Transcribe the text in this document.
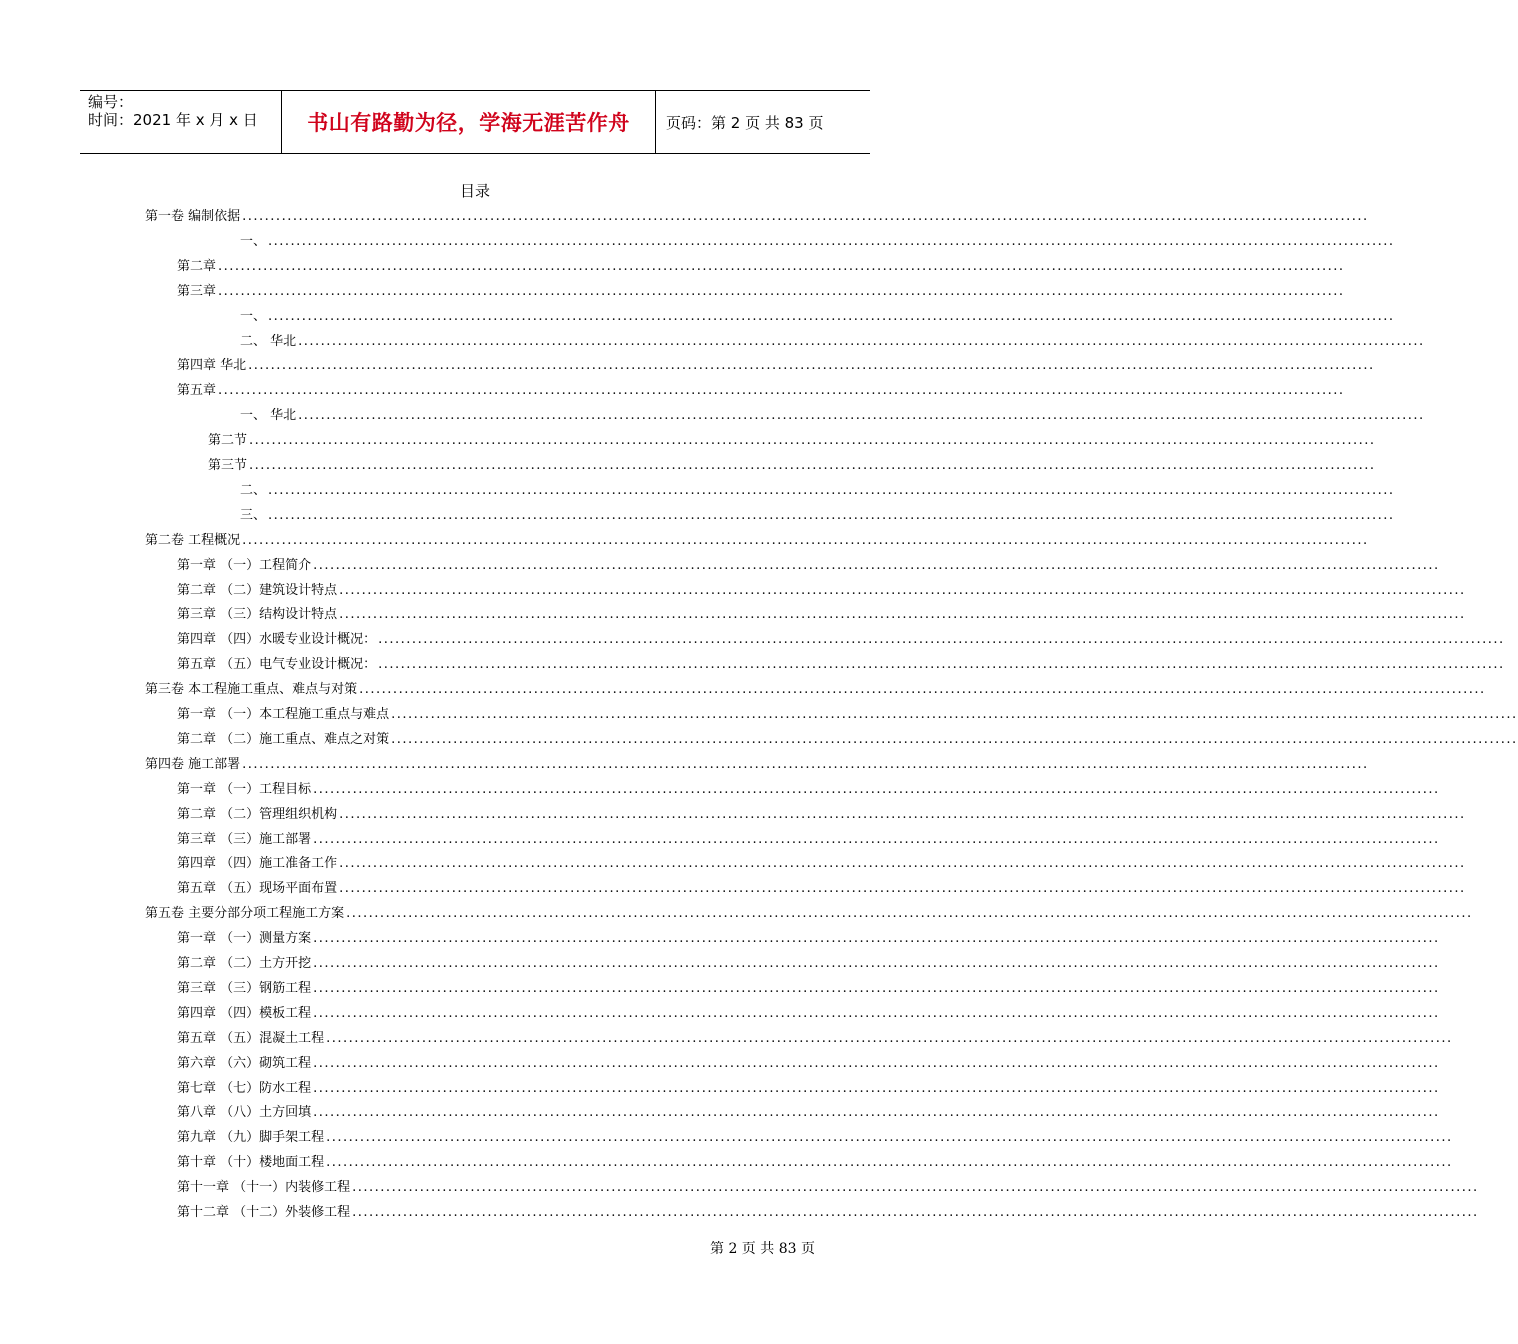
编号：
时间：2021 年 x 月 x 日	书山有路勤为径，学海无涯苦作舟	页码：第 2 页 共 83 页
目录
第一卷 编制依据 ........................................................................................................................................................................................................
一、 ........................................................................................................................................................................................................
第二章 ........................................................................................................................................................................................................
第三章 ........................................................................................................................................................................................................
一、 ........................................................................................................................................................................................................
二、 华北 ........................................................................................................................................................................................................
第四章 华北 ........................................................................................................................................................................................................
第五章 ........................................................................................................................................................................................................
一、 华北 ........................................................................................................................................................................................................
第二节 ........................................................................................................................................................................................................
第三节 ........................................................................................................................................................................................................
二、 ........................................................................................................................................................................................................
三、 ........................................................................................................................................................................................................
第二卷 工程概况 ........................................................................................................................................................................................................
第一章 （一）工程简介 ........................................................................................................................................................................................................
第二章 （二）建筑设计特点 ........................................................................................................................................................................................................
第三章 （三）结构设计特点 ........................................................................................................................................................................................................
第四章 （四）水暖专业设计概况： ........................................................................................................................................................................................................
第五章 （五）电气专业设计概况： ........................................................................................................................................................................................................
第三卷 本工程施工重点、难点与对策 ........................................................................................................................................................................................................
第一章 （一）本工程施工重点与难点 ........................................................................................................................................................................................................
第二章 （二）施工重点、难点之对策 ........................................................................................................................................................................................................
第四卷 施工部署 ........................................................................................................................................................................................................
第一章 （一）工程目标 ........................................................................................................................................................................................................
第二章 （二）管理组织机构 ........................................................................................................................................................................................................
第三章 （三）施工部署 ........................................................................................................................................................................................................
第四章 （四）施工准备工作 ........................................................................................................................................................................................................
第五章 （五）现场平面布置 ........................................................................................................................................................................................................
第五卷 主要分部分项工程施工方案 ........................................................................................................................................................................................................
第一章 （一）测量方案 ........................................................................................................................................................................................................
第二章 （二）土方开挖 ........................................................................................................................................................................................................
第三章 （三）钢筋工程 ........................................................................................................................................................................................................
第四章 （四）模板工程 ........................................................................................................................................................................................................
第五章 （五）混凝土工程 ........................................................................................................................................................................................................
第六章 （六）砌筑工程 ........................................................................................................................................................................................................
第七章 （七）防水工程 ........................................................................................................................................................................................................
第八章 （八）土方回填 ........................................................................................................................................................................................................
第九章 （九）脚手架工程 ........................................................................................................................................................................................................
第十章 （十）楼地面工程 ........................................................................................................................................................................................................
第十一章 （十一）内装修工程 ........................................................................................................................................................................................................
第十二章 （十二）外装修工程 ........................................................................................................................................................................................................
第 2 页 共 83 页
